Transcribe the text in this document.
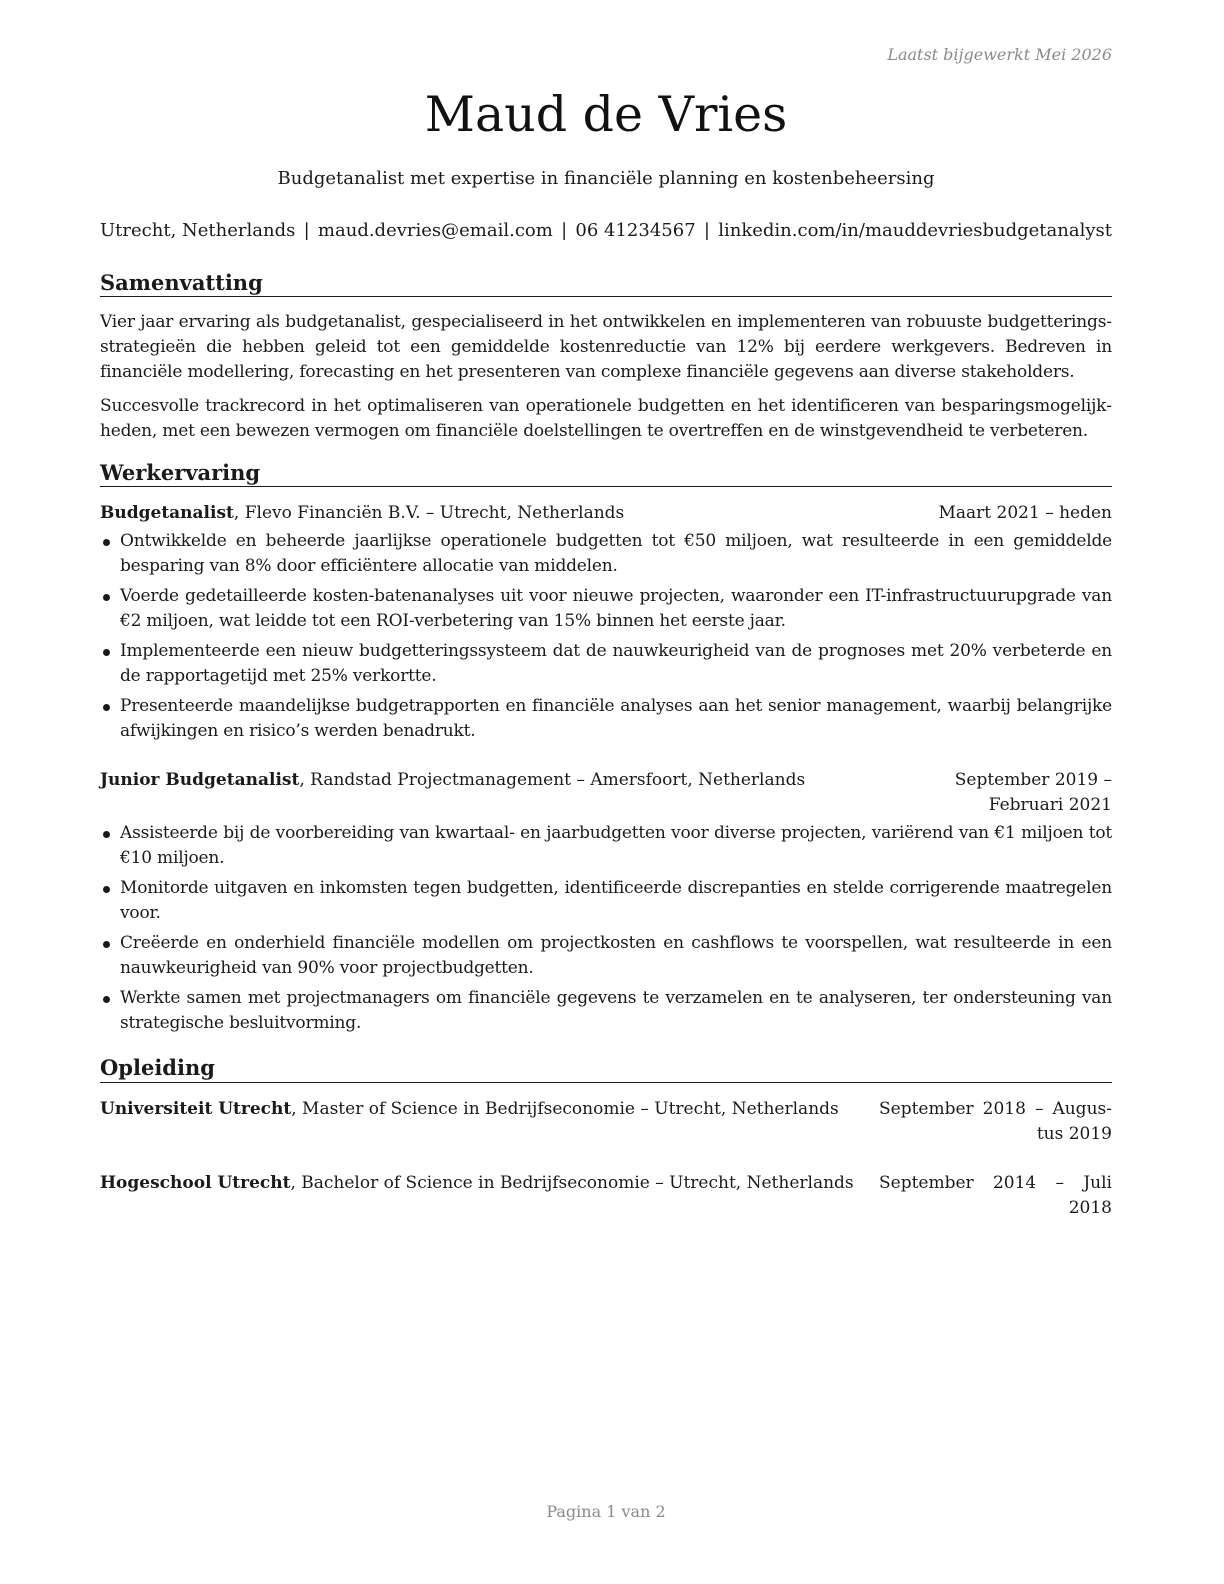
Laatst bijgewerkt Mei 2026
Maud de Vries
Budgetanalist met expertise in financiële planning en kostenbeheersing
Utrecht, Netherlands | maud.devries@email.com | 06 41234567 | linkedin.com/in/mauddevriesbudgetanalyst
Samenvatting

Vier jaar ervaring als budgetanalist, gespecialiseerd in het ontwikkelen en implementeren van robuuste budgetteringsstrategieën die hebben geleid tot een gemiddelde kostenreductie van 12% bij eerdere werkgevers. Bedreven in financiële modellering, forecasting en het presenteren van complexe financiële gegevens aan diverse stakeholders.

Succesvolle trackrecord in het optimaliseren van operationele budgetten en het identificeren van besparingsmogelijkheden, met een bewezen vermogen om financiële doelstellingen te overtreffen en de winstgevendheid te verbeteren.

Werkervaring
Budgetanalist, Flevo Financiën B.V. – Utrecht, Netherlands	Maart 2021 – heden
Ontwikkelde en beheerde jaarlijkse operationele budgetten tot €50 miljoen, wat resulteerde in een gemiddelde besparing van 8% door efficiëntere allocatie van middelen.
Voerde gedetailleerde kosten-batenanalyses uit voor nieuwe projecten, waaronder een IT-infrastructuurupgrade van €2 miljoen, wat leidde tot een ROI-verbetering van 15% binnen het eerste jaar.
Implementeerde een nieuw budgetteringssysteem dat de nauwkeurigheid van de prognoses met 20% verbeterde en de rapportagetijd met 25% verkortte.
Presenteerde maandelijkse budgetrapporten en financiële analyses aan het senior management, waarbij belangrijke afwijkingen en risico’s werden benadrukt.
Junior Budgetanalist, Randstad Projectmanagement – Amersfoort, Netherlands	September 2019 – Februari 2021
Assisteerde bij de voorbereiding van kwartaal- en jaarbudgetten voor diverse projecten, variërend van €1 miljoen tot €10 miljoen.
Monitorde uitgaven en inkomsten tegen budgetten, identificeerde discrepanties en stelde corrigerende maatregelen voor.
Creëerde en onderhield financiële modellen om projectkosten en cashflows te voorspellen, wat resulteerde in een nauwkeurigheid van 90% voor projectbudgetten.
Werkte samen met projectmanagers om financiële gegevens te verzamelen en te analyseren, ter ondersteuning van strategische besluitvorming.
Opleiding
Universiteit Utrecht, Master of Science in Bedrijfseconomie – Utrecht, Netherlands	September 2018 – Augustus 2019
Hogeschool Utrecht, Bachelor of Science in Bedrijfseconomie – Utrecht, Netherlands	September 2014 – Juli 2018
Pagina 1 van 2
